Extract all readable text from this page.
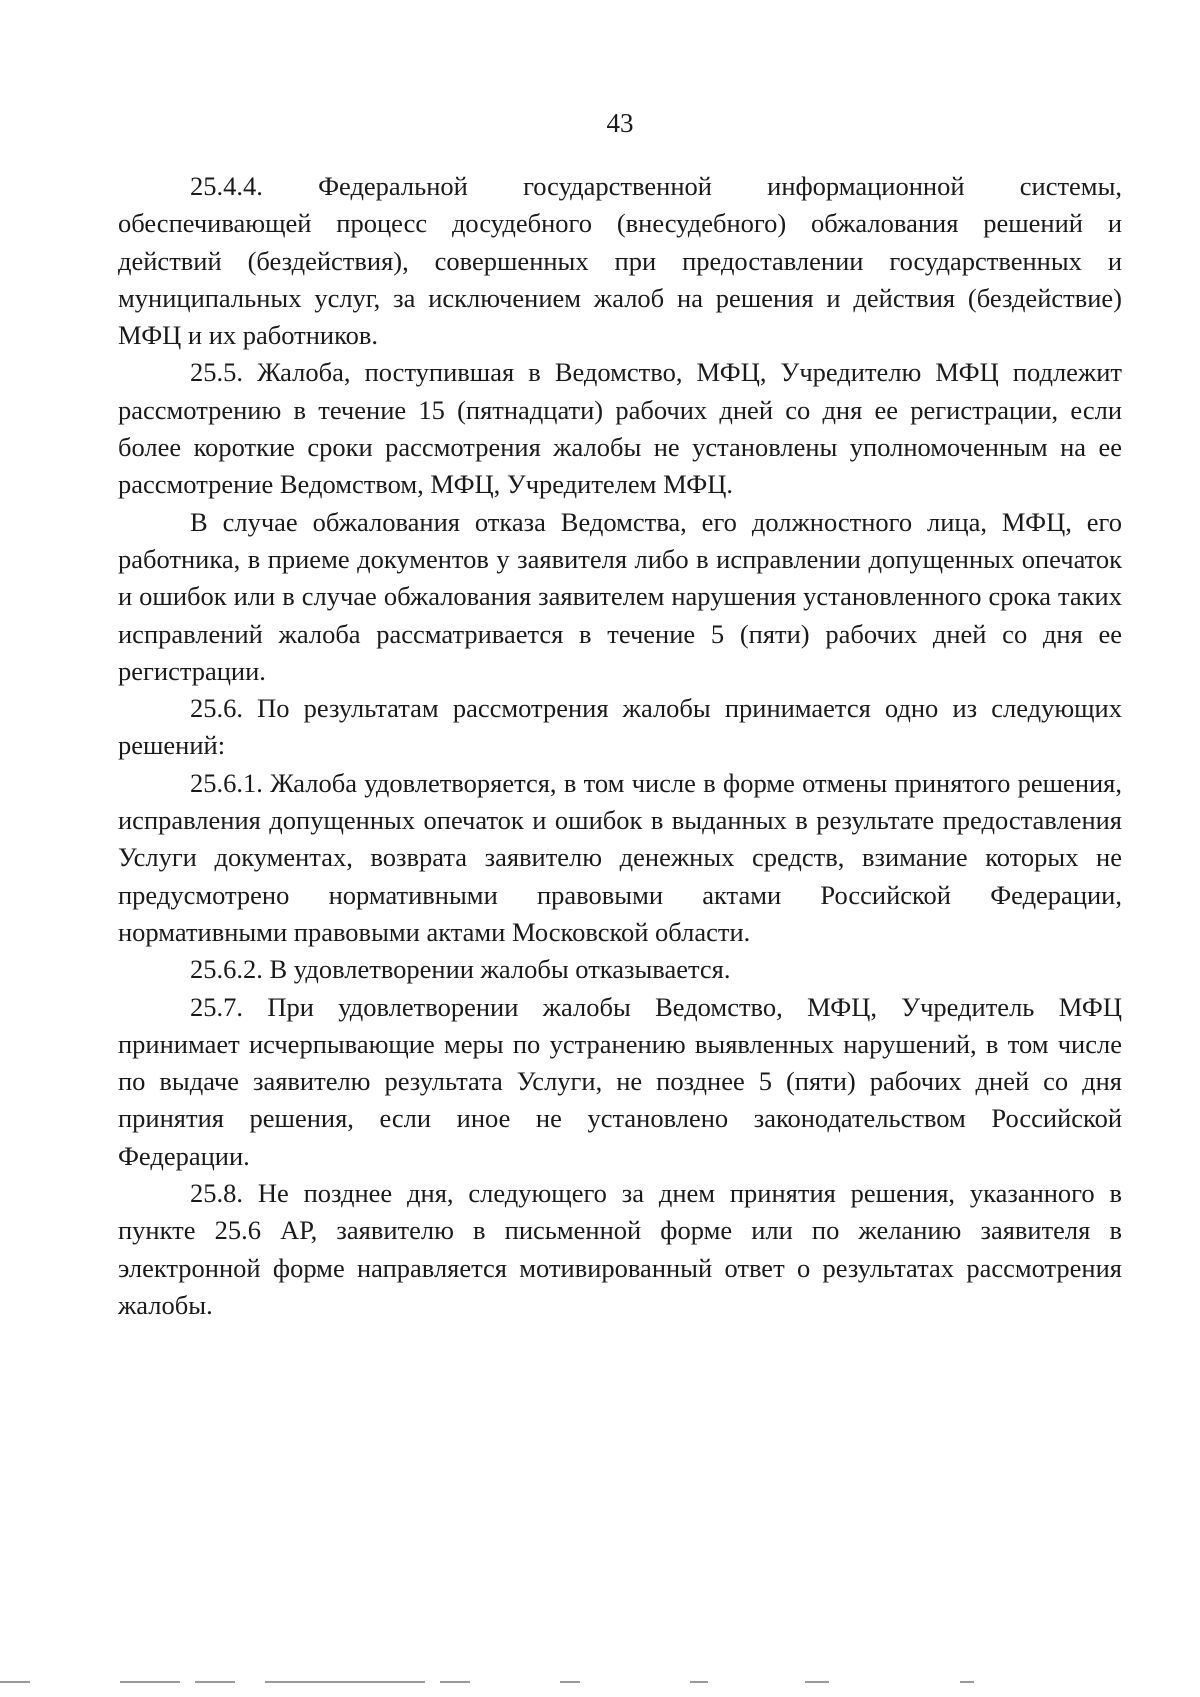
43

25.4.4. Федеральной государственной информационной системы, обеспечивающей процесс досудебного (внесудебного) обжалования решений и действий (бездействия), совершенных при предоставлении государственных и муниципальных услуг, за исключением жалоб на решения и действия (бездействие) МФЦ и их работников.

25.5. Жалоба, поступившая в Ведомство, МФЦ, Учредителю МФЦ подлежит рассмотрению в течение 15 (пятнадцати) рабочих дней со дня ее регистрации, если более короткие сроки рассмотрения жалобы не установлены уполномоченным на ее рассмотрение Ведомством, МФЦ, Учредителем МФЦ.

В случае обжалования отказа Ведомства, его должностного лица, МФЦ, его работника, в приеме документов у заявителя либо в исправлении допущенных опечаток и ошибок или в случае обжалования заявителем нарушения установленного срока таких исправлений жалоба рассматривается в течение 5 (пяти) рабочих дней со дня ее регистрации.

25.6. По результатам рассмотрения жалобы принимается одно из следующих решений:

25.6.1. Жалоба удовлетворяется, в том числе в форме отмены принятого решения, исправления допущенных опечаток и ошибок в выданных в результате предоставления Услуги документах, возврата заявителю денежных средств, взимание которых не предусмотрено нормативными правовыми актами Российской Федерации, нормативными правовыми актами Московской области.

25.6.2. В удовлетворении жалобы отказывается.

25.7. При удовлетворении жалобы Ведомство, МФЦ, Учредитель МФЦ принимает исчерпывающие меры по устранению выявленных нарушений, в том числе по выдаче заявителю результата Услуги, не позднее 5 (пяти) рабочих дней со дня принятия решения, если иное не установлено законодательством Российской Федерации.

25.8. Не позднее дня, следующего за днем принятия решения, указанного в пункте 25.6 АР, заявителю в письменной форме или по желанию заявителя в электронной форме направляется мотивированный ответ о результатах рассмотрения жалобы.
